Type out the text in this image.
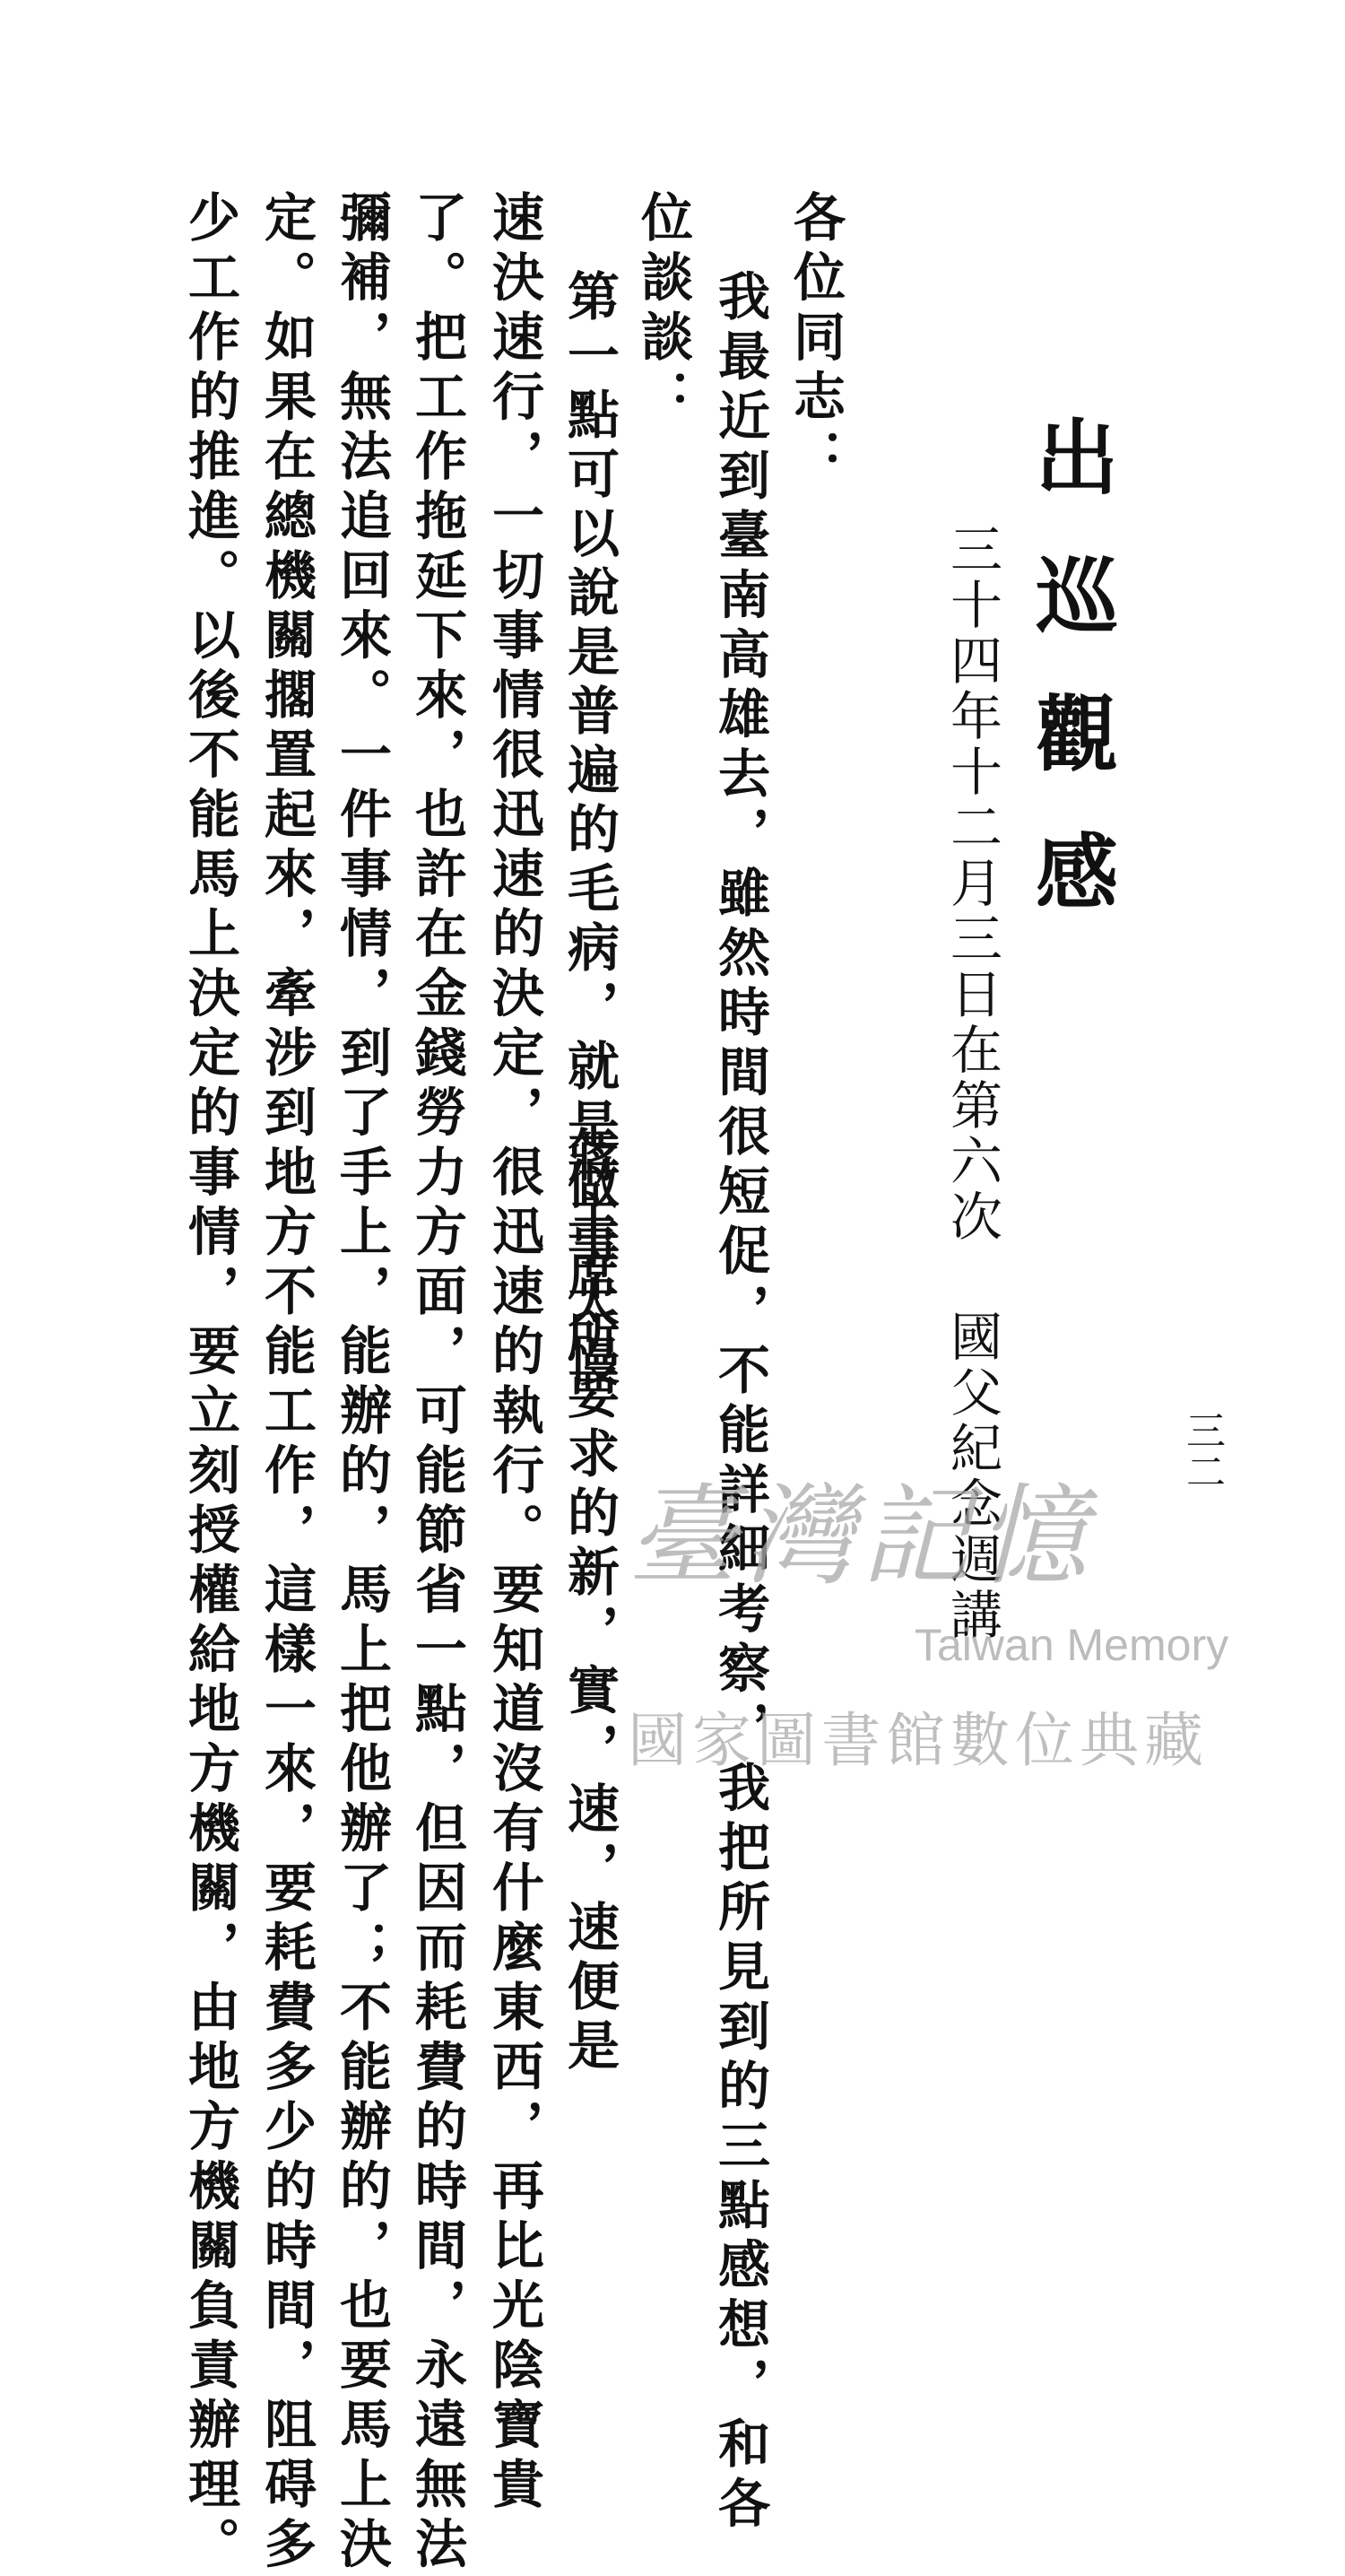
三二
出巡觀感
三十四年十二月三日在第六次 國父紀念週講
各位同志：
我最近到臺南高雄去，雖然時間很短促，不能詳細考察，我把所見到的三點感想，和各
位談談：
第一點可以說是普遍的毛病，就是做事太慢
蔣主席所要求的新，實，速，速便是
速決速行，一切事情很迅速的決定，很迅速的執行。要知道沒有什麼東西，再比光陰寶貴
了。把工作拖延下來，也許在金錢勞力方面，可能節省一點，但因而耗費的時間，永遠無法
彌補，無法追回來。一件事情，到了手上，能辦的，馬上把他辦了；不能辦的，也要馬上決
定。如果在總機關擱置起來，牽涉到地方不能工作，這樣一來，要耗費多少的時間，阻碍多
少工作的推進。以後不能馬上決定的事情，要立刻授權給地方機關，由地方機關負責辦理。	臺灣記憶
Taiwan Memory
國家圖書館數位典藏
